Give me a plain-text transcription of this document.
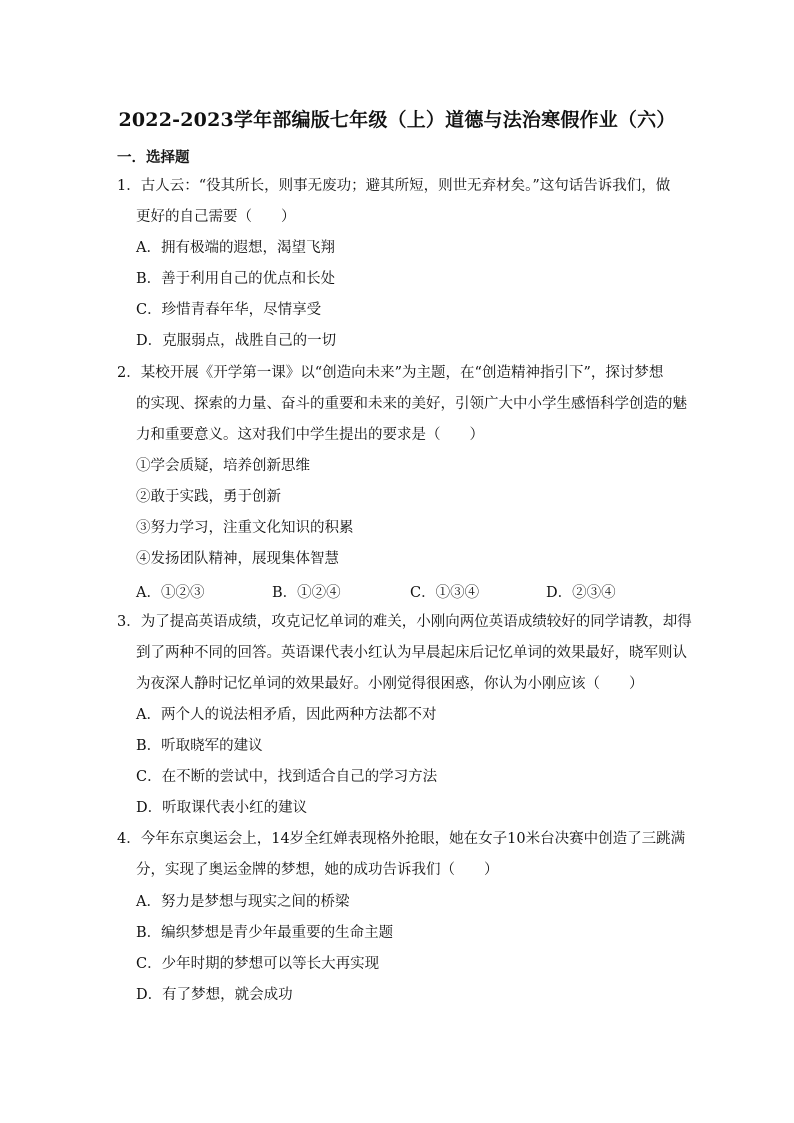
2022-2023学年部编版七年级（上）道德与法治寒假作业（六）
一．选择题
1．古人云：“役其所长，则事无废功；避其所短，则世无弃材矣。”这句话告诉我们，做
更好的自己需要（　　）
A．拥有极端的遐想，渴望飞翔
B．善于利用自己的优点和长处
C．珍惜青春年华，尽情享受
D．克服弱点，战胜自己的一切
2．某校开展《开学第一课》以“创造向未来”为主题，在“创造精神指引下”，探讨梦想
的实现、探索的力量、奋斗的重要和未来的美好，引领广大中小学生感悟科学创造的魅
力和重要意义。这对我们中学生提出的要求是（　　）
①学会质疑，培养创新思维
②敢于实践，勇于创新
③努力学习，注重文化知识的积累
④发扬团队精神，展现集体智慧
A．①②③	B．①②④	C．①③④	D．②③④
3．为了提高英语成绩，攻克记忆单词的难关，小刚向两位英语成绩较好的同学请教，却得
到了两种不同的回答。英语课代表小红认为早晨起床后记忆单词的效果最好，晓军则认
为夜深人静时记忆单词的效果最好。小刚觉得很困惑，你认为小刚应该（　　）
A．两个人的说法相矛盾，因此两种方法都不对
B．听取晓军的建议
C．在不断的尝试中，找到适合自己的学习方法
D．听取课代表小红的建议
4．今年东京奥运会上，14岁全红婵表现格外抢眼，她在女子10米台决赛中创造了三跳满
分，实现了奥运金牌的梦想，她的成功告诉我们（　　）
A．努力是梦想与现实之间的桥梁
B．编织梦想是青少年最重要的生命主题
C．少年时期的梦想可以等长大再实现
D．有了梦想，就会成功
